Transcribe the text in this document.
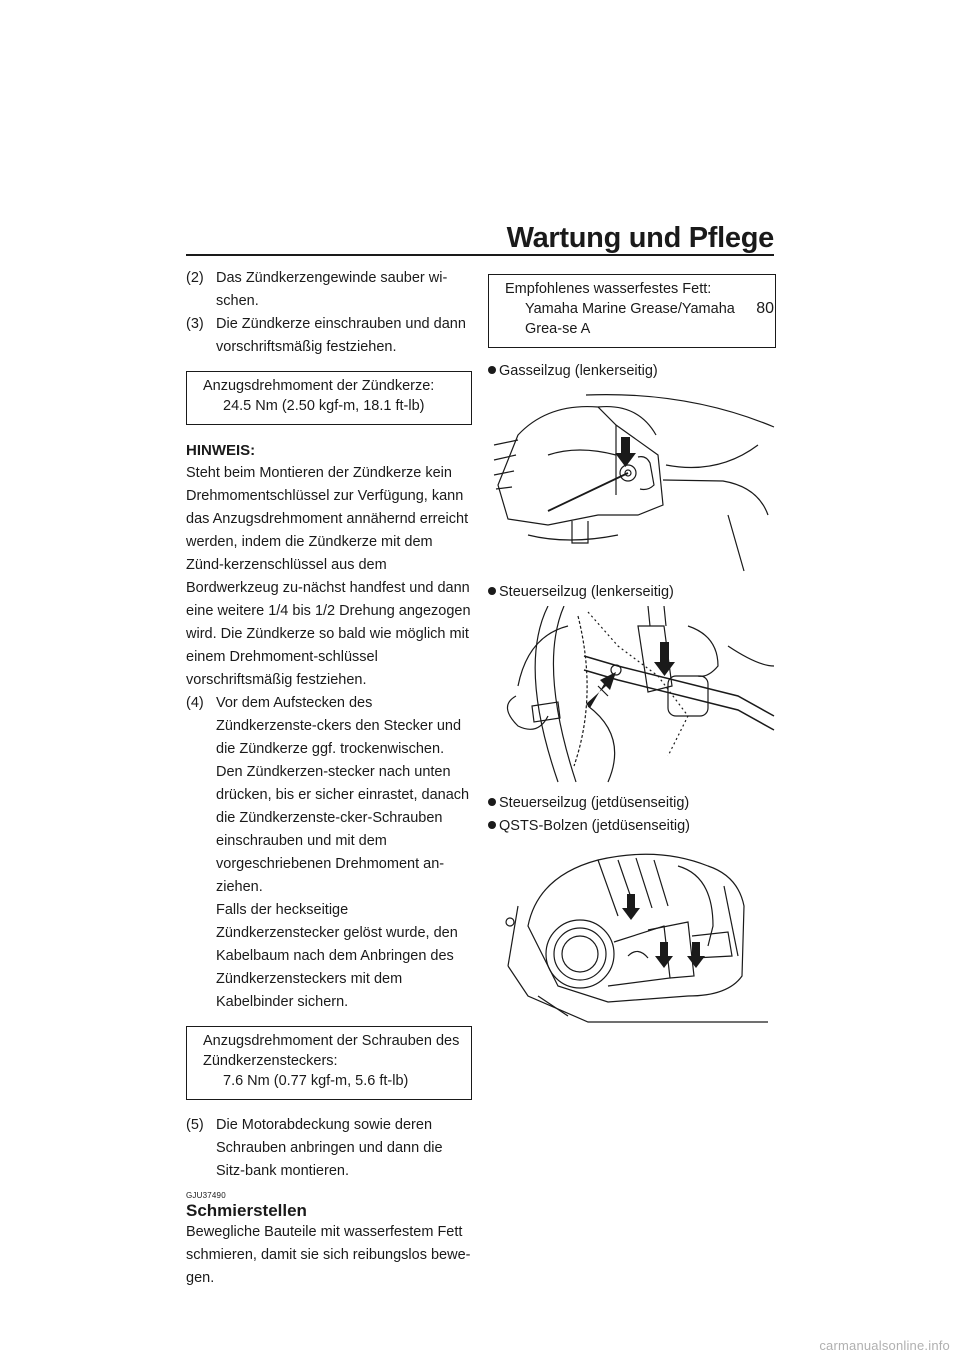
Wartung und Pflege
80

(2) Das Zündkerzengewinde sauber wi-schen.

(3) Die Zündkerze einschrauben und dann vorschriftsmäßig festziehen.

Anzugsdrehmoment der Zündkerze:
24.5 Nm (2.50 kgf-m, 18.1 ft-lb)

HINWEIS:

Steht beim Montieren der Zündkerze kein Drehmomentschlüssel zur Verfügung, kann das Anzugsdrehmoment annähernd erreicht werden, indem die Zündkerze mit dem Zünd-kerzenschlüssel aus dem Bordwerkzeug zu-nächst handfest und dann eine weitere 1/4 bis 1/2 Drehung angezogen wird. Die Zündkerze so bald wie möglich mit einem Drehmoment-schlüssel vorschriftsmäßig festziehen.

(4) Vor dem Aufstecken des Zündkerzenste-ckers den Stecker und die Zündkerze ggf. trockenwischen. Den Zündkerzen-stecker nach unten drücken, bis er sicher einrastet, danach die Zündkerzenste-cker-Schrauben einschrauben und mit dem vorgeschriebenen Drehmoment an-ziehen.

Falls der heckseitige Zündkerzenstecker gelöst wurde, den Kabelbaum nach dem Anbringen des Zündkerzensteckers mit dem Kabelbinder sichern.

Anzugsdrehmoment der Schrauben des Zündkerzensteckers:
7.6 Nm (0.77 kgf-m, 5.6 ft-lb)

(5) Die Motorabdeckung sowie deren Schrauben anbringen und dann die Sitz-bank montieren.

GJU37490

Schmierstellen

Bewegliche Bauteile mit wasserfestem Fett schmieren, damit sie sich reibungslos bewe-gen.

Empfohlenes wasserfestes Fett:
Yamaha Marine Grease/Yamaha Grea-se A

Gasseilzug (lenkerseitig)

Steuerseilzug (lenkerseitig)

Steuerseilzug (jetdüsenseitig)

QSTS-Bolzen (jetdüsenseitig)

carmanualsonline.info
